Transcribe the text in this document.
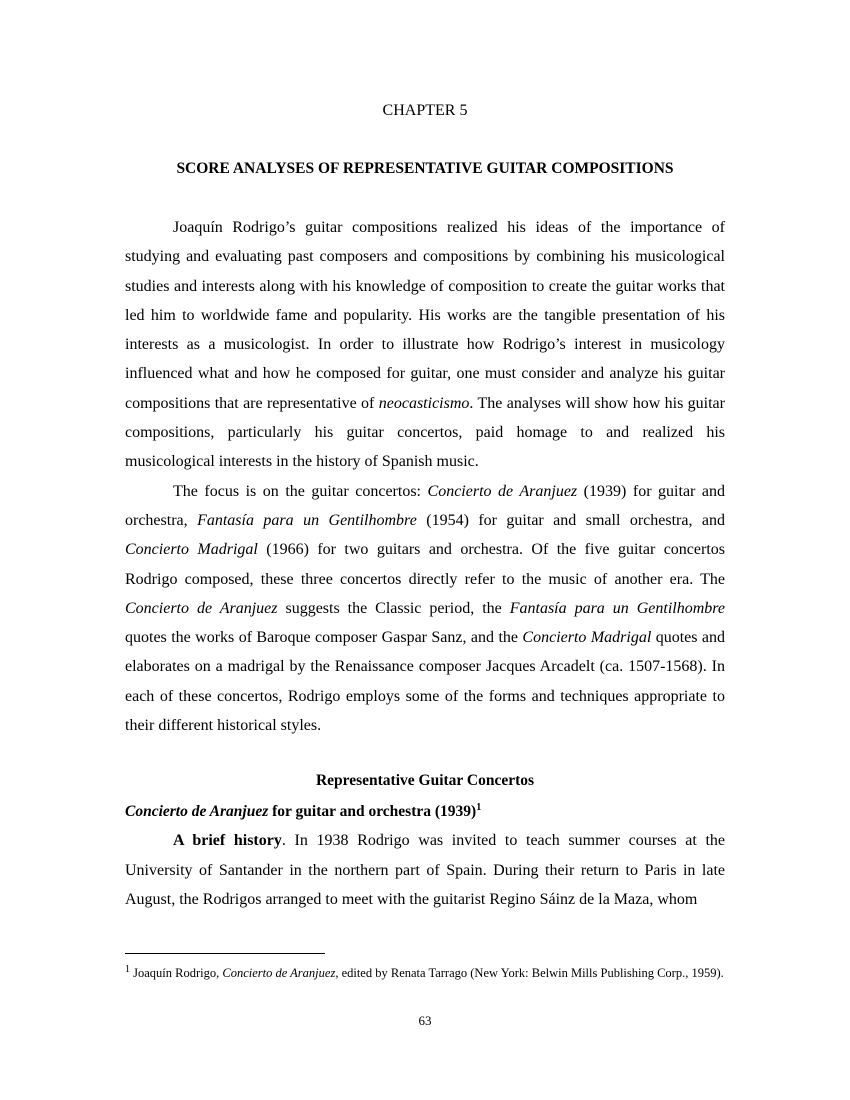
CHAPTER 5
SCORE ANALYSES OF REPRESENTATIVE GUITAR COMPOSITIONS

Joaquín Rodrigo’s guitar compositions realized his ideas of the importance of studying and evaluating past composers and compositions by combining his musicological studies and interests along with his knowledge of composition to create the guitar works that led him to worldwide fame and popularity. His works are the tangible presentation of his interests as a musicologist. In order to illustrate how Rodrigo’s interest in musicology influenced what and how he composed for guitar, one must consider and analyze his guitar compositions that are representative of neocasticismo. The analyses will show how his guitar compositions, particularly his guitar concertos, paid homage to and realized his musicological interests in the history of Spanish music.

The focus is on the guitar concertos: Concierto de Aranjuez (1939) for guitar and orchestra, Fantasía para un Gentilhombre (1954) for guitar and small orchestra, and Concierto Madrigal (1966) for two guitars and orchestra. Of the five guitar concertos Rodrigo composed, these three concertos directly refer to the music of another era. The Concierto de Aranjuez suggests the Classic period, the Fantasía para un Gentilhombre quotes the works of Baroque composer Gaspar Sanz, and the Concierto Madrigal quotes and elaborates on a madrigal by the Renaissance composer Jacques Arcadelt (ca. 1507-1568). In each of these concertos, Rodrigo employs some of the forms and techniques appropriate to their different historical styles.

Representative Guitar Concertos
Concierto de Aranjuez for guitar and orchestra $(1939)^1$

A brief history. In 1938 Rodrigo was invited to teach summer courses at the University of Santander in the northern part of Spain. During their return to Paris in late August, the Rodrigos arranged to meet with the guitarist Regino Sáinz de la Maza, whom

$^1$ Joaquín Rodrigo, Concierto de Aranjuez, edited by Renata Tarrago (New York: Belwin Mills Publishing Corp., 1959).
63
